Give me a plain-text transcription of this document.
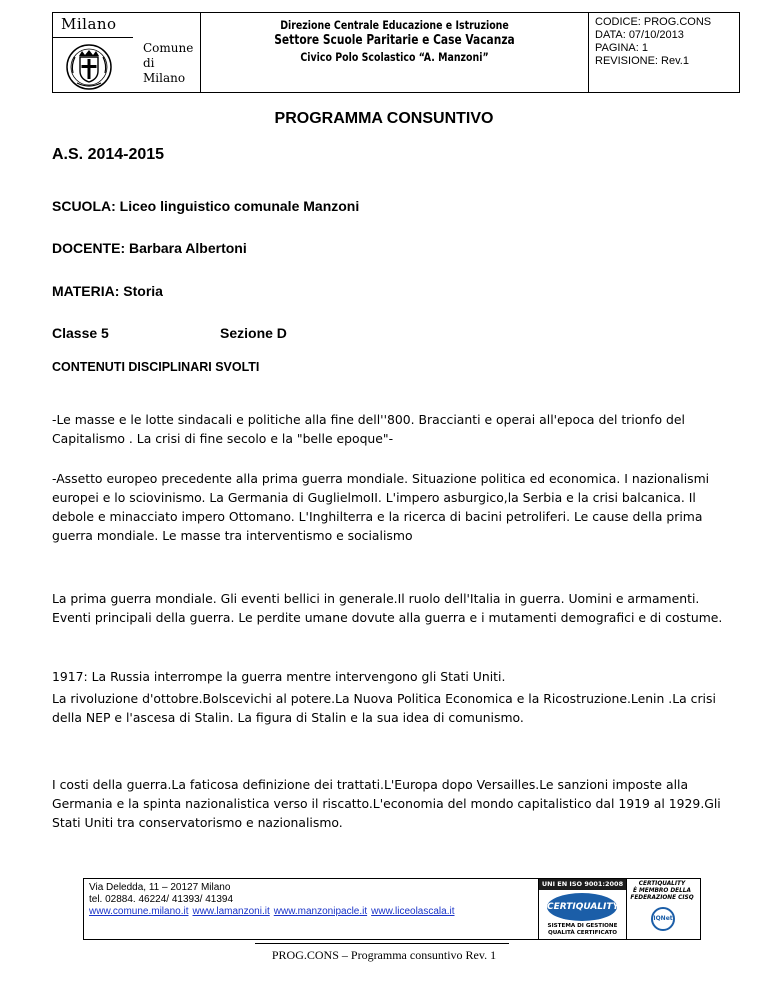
Milano
Comune
di Milano
Direzione Centrale Educazione e Istruzione
Settore Scuole Paritarie e Case Vacanza
Civico Polo Scolastico “A. Manzoni”
CODICE: PROG.CONS
DATA: 07/10/2013
PAGINA: 1
REVISIONE: Rev.1
PROGRAMMA CONSUNTIVO
A.S. 2014-2015
SCUOLA: Liceo linguistico comunale Manzoni
DOCENTE: Barbara Albertoni
MATERIA: Storia
Classe 5	Sezione D
CONTENUTI DISCIPLINARI SVOLTI
-Le masse e le lotte sindacali e politiche alla fine dell''800. Braccianti e operai all'epoca del trionfo del Capitalismo . La crisi di fine secolo e la "belle epoque"-
-Assetto europeo precedente alla prima guerra mondiale. Situazione politica ed economica. I nazionalismi europei e lo sciovinismo. La Germania di GuglielmoII. L'impero asburgico,la Serbia e la crisi balcanica. Il debole e minacciato impero Ottomano. L'Inghilterra e la ricerca di bacini petroliferi. Le cause della prima guerra mondiale. Le masse tra interventismo e socialismo
La prima guerra mondiale. Gli eventi bellici in generale.Il ruolo dell'Italia in guerra. Uomini e armamenti. Eventi principali della guerra. Le perdite umane dovute alla guerra e i mutamenti demografici e di costume.
1917: La Russia interrompe la guerra mentre intervengono gli Stati Uniti.
La rivoluzione d'ottobre.Bolscevichi al potere.La Nuova Politica Economica e la Ricostruzione.Lenin .La crisi della NEP e l'ascesa di Stalin. La figura di Stalin e la sua idea di comunismo.
I costi della guerra.La faticosa definizione dei trattati.L'Europa dopo Versailles.Le sanzioni imposte alla Germania e la spinta nazionalistica verso il riscatto.L'economia del mondo capitalistico dal 1919 al 1929.Gli Stati Uniti tra conservatorismo e nazionalismo.
Via Deledda, 11 – 20127 Milano
tel. 02884. 46224/ 41393/ 41394
www.comune.milano.it www.lamanzoni.it www.manzonipacle.it www.liceolascala.it
UNI EN ISO 9001:2008
CERTIQUALITY
SISTEMA DI GESTIONE
QUALITÀ CERTIFICATO
CERTIQUALITY
È MEMBRO DELLA
FEDERAZIONE CISQ
IQNet
PROG.CONS – Programma consuntivo Rev. 1
